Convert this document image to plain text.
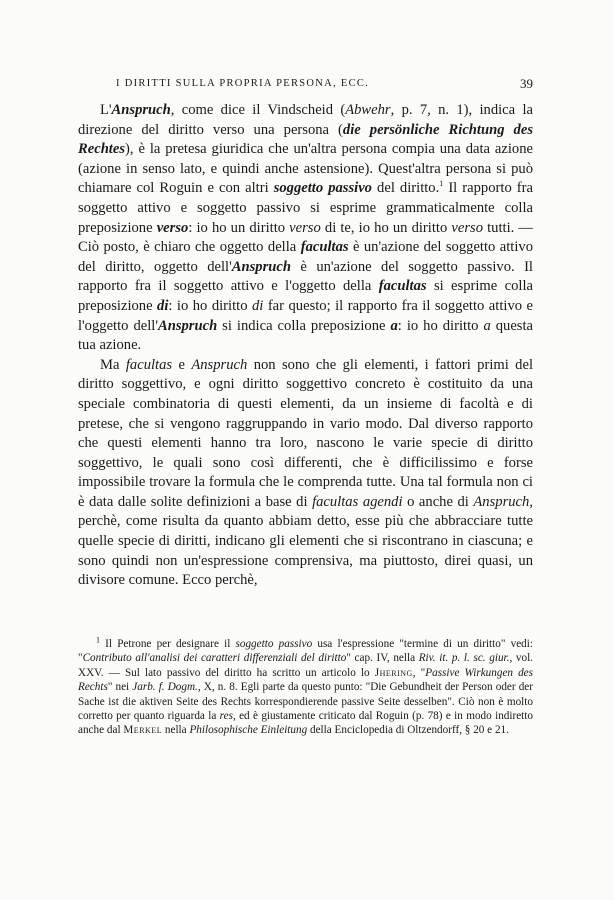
I DIRITTI SULLA PROPRIA PERSONA, ECC.	39

L'Anspruch, come dice il Vindscheid (Abwehr, p. 7, n. 1), indica la direzione del diritto verso una persona (die persönliche Richtung des Rechtes), è la pretesa giuridica che un'altra persona compia una data azione (azione in senso lato, e quindi anche astensione). Quest'altra persona si può chiamare col Roguin e con altri soggetto passivo del diritto.$^1$ Il rapporto fra soggetto attivo e soggetto passivo si esprime grammaticalmente colla preposizione verso: io ho un diritto verso di te, io ho un diritto verso tutti. — Ciò posto, è chiaro che oggetto della facultas è un'azione del soggetto attivo del diritto, oggetto dell'Anspruch è un'azione del soggetto passivo. Il rapporto fra il soggetto attivo e l'oggetto della facultas si esprime colla preposizione di: io ho diritto di far questo; il rapporto fra il soggetto attivo e l'oggetto dell'Anspruch si indica colla preposizione a: io ho diritto a questa tua azione.

Ma facultas e Anspruch non sono che gli elementi, i fattori primi del diritto soggettivo, e ogni diritto soggettivo concreto è costituito da una speciale combinatoria di questi elementi, da un insieme di facoltà e di pretese, che si vengono raggruppando in vario modo. Dal diverso rapporto che questi elementi hanno tra loro, nascono le varie specie di diritto soggettivo, le quali sono così differenti, che è difficilissimo e forse impossibile trovare la formula che le comprenda tutte. Una tal formula non ci è data dalle solite definizioni a base di facultas agendi o anche di Anspruch, perchè, come risulta da quanto abbiam detto, esse più che abbracciare tutte quelle specie di diritti, indicano gli elementi che si riscontrano in ciascuna; e sono quindi non un'espressione comprensiva, ma piuttosto, direi quasi, un divisore comune. Ecco perchè,

$^1$ Il Petrone per designare il soggetto passivo usa l'espressione "termine di un diritto" vedi: "Contributo all'analisi dei caratteri differenziali del diritto" cap. IV, nella Riv. it. p. l. sc. giur., vol. XXV. — Sul lato passivo del diritto ha scritto un articolo lo Jhering, "Passive Wirkungen des Rechts" nei Jarb. f. Dogm., X, n. 8. Egli parte da questo punto: "Die Gebundheit der Person oder der Sache ist die aktiven Seite des Rechts korrespondierende passive Seite desselben". Ciò non è molto corretto per quanto riguarda la res, ed è giustamente criticato dal Roguin (p. 78) e in modo indiretto anche dal Merkel nella Philosophische Einleitung della Enciclopedia di Oltzendorff, § 20 e 21.
